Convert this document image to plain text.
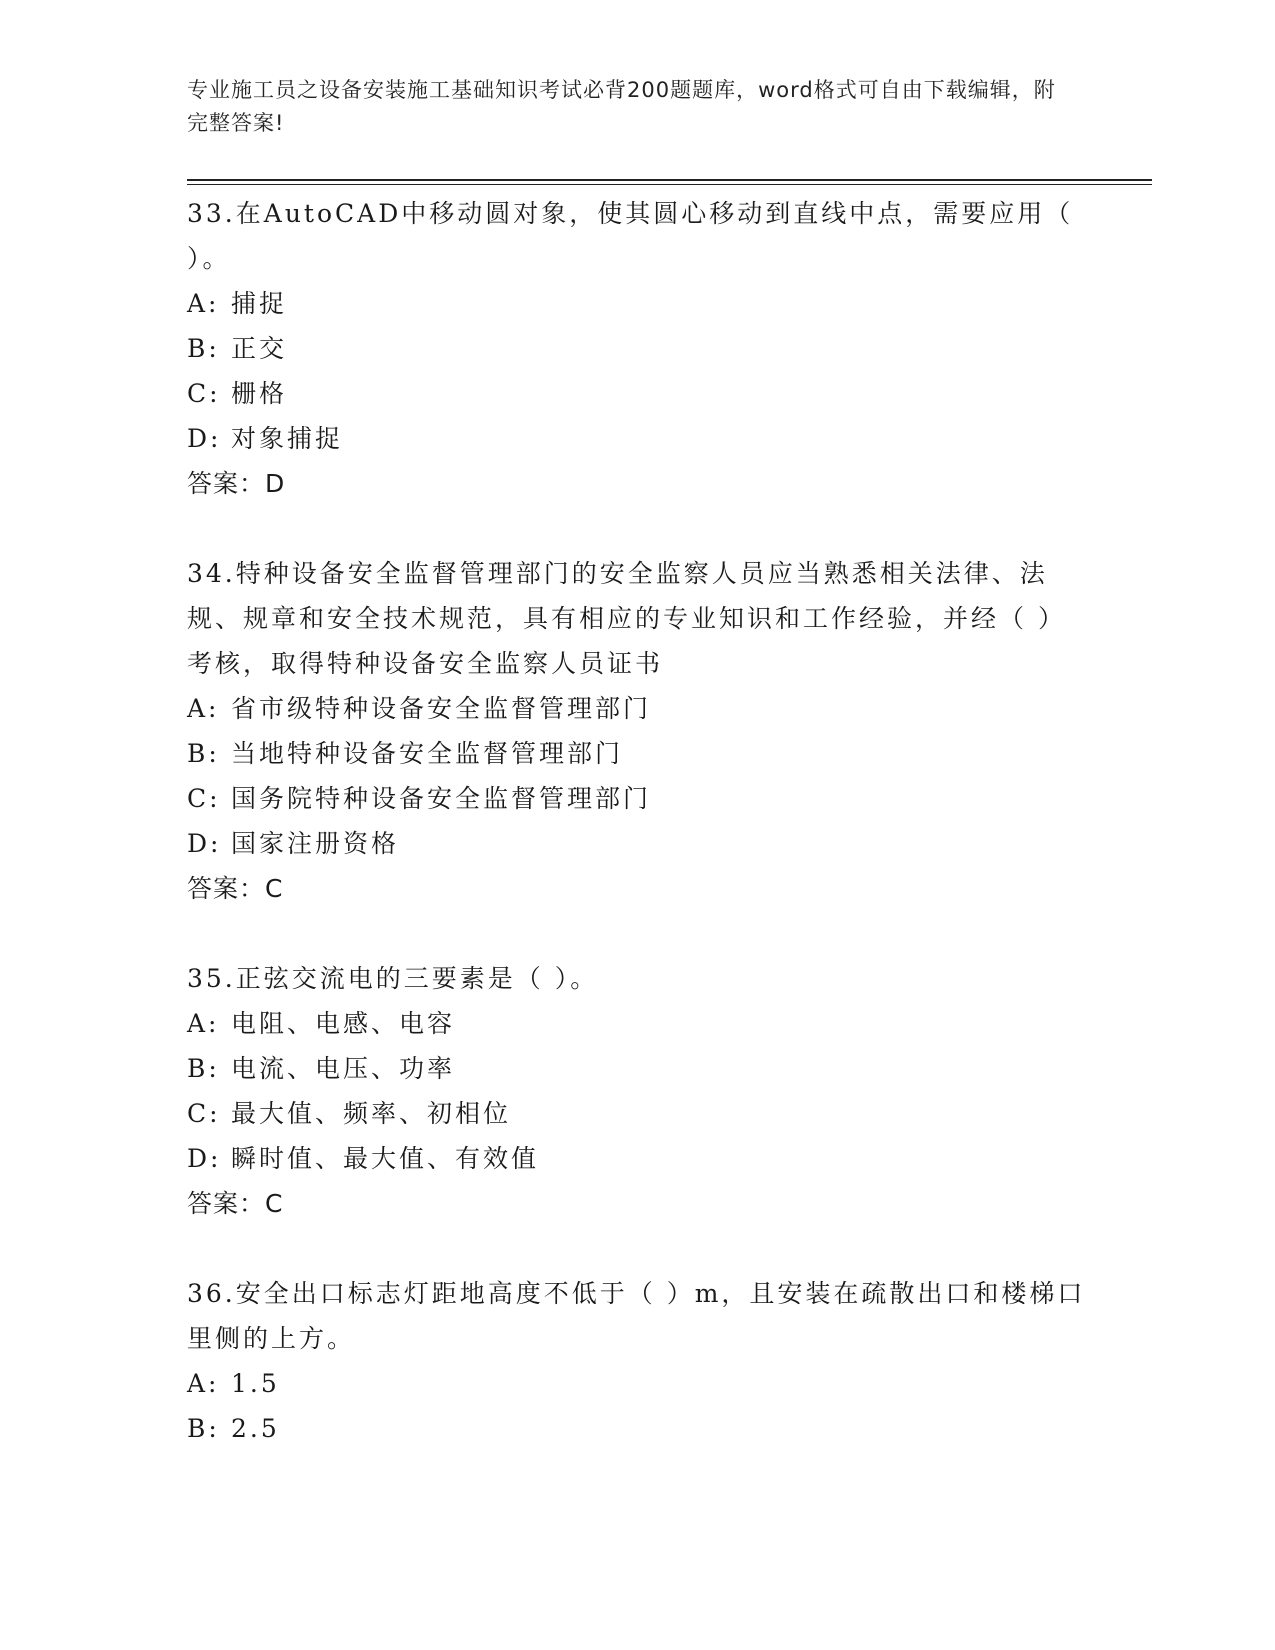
专业施工员之设备安装施工基础知识考试必背200题题库，word格式可自由下载编辑，附完整答案!

33.在AutoCAD中移动圆对象，使其圆心移动到直线中点，需要应用（ ）。

A: 捕捉

B: 正交

C: 栅格

D: 对象捕捉

答案：D

34.特种设备安全监督管理部门的安全监察人员应当熟悉相关法律、法规、规章和安全技术规范，具有相应的专业知识和工作经验，并经（ ）考核，取得特种设备安全监察人员证书

A: 省市级特种设备安全监督管理部门

B: 当地特种设备安全监督管理部门

C: 国务院特种设备安全监督管理部门

D: 国家注册资格

答案：C

35.正弦交流电的三要素是（ ）。

A: 电阻、电感、电容

B: 电流、电压、功率

C: 最大值、频率、初相位

D: 瞬时值、最大值、有效值

答案：C

36.安全出口标志灯距地高度不低于（ ）m，且安装在疏散出口和楼梯口里侧的上方。

A: 1.5

B: 2.5
